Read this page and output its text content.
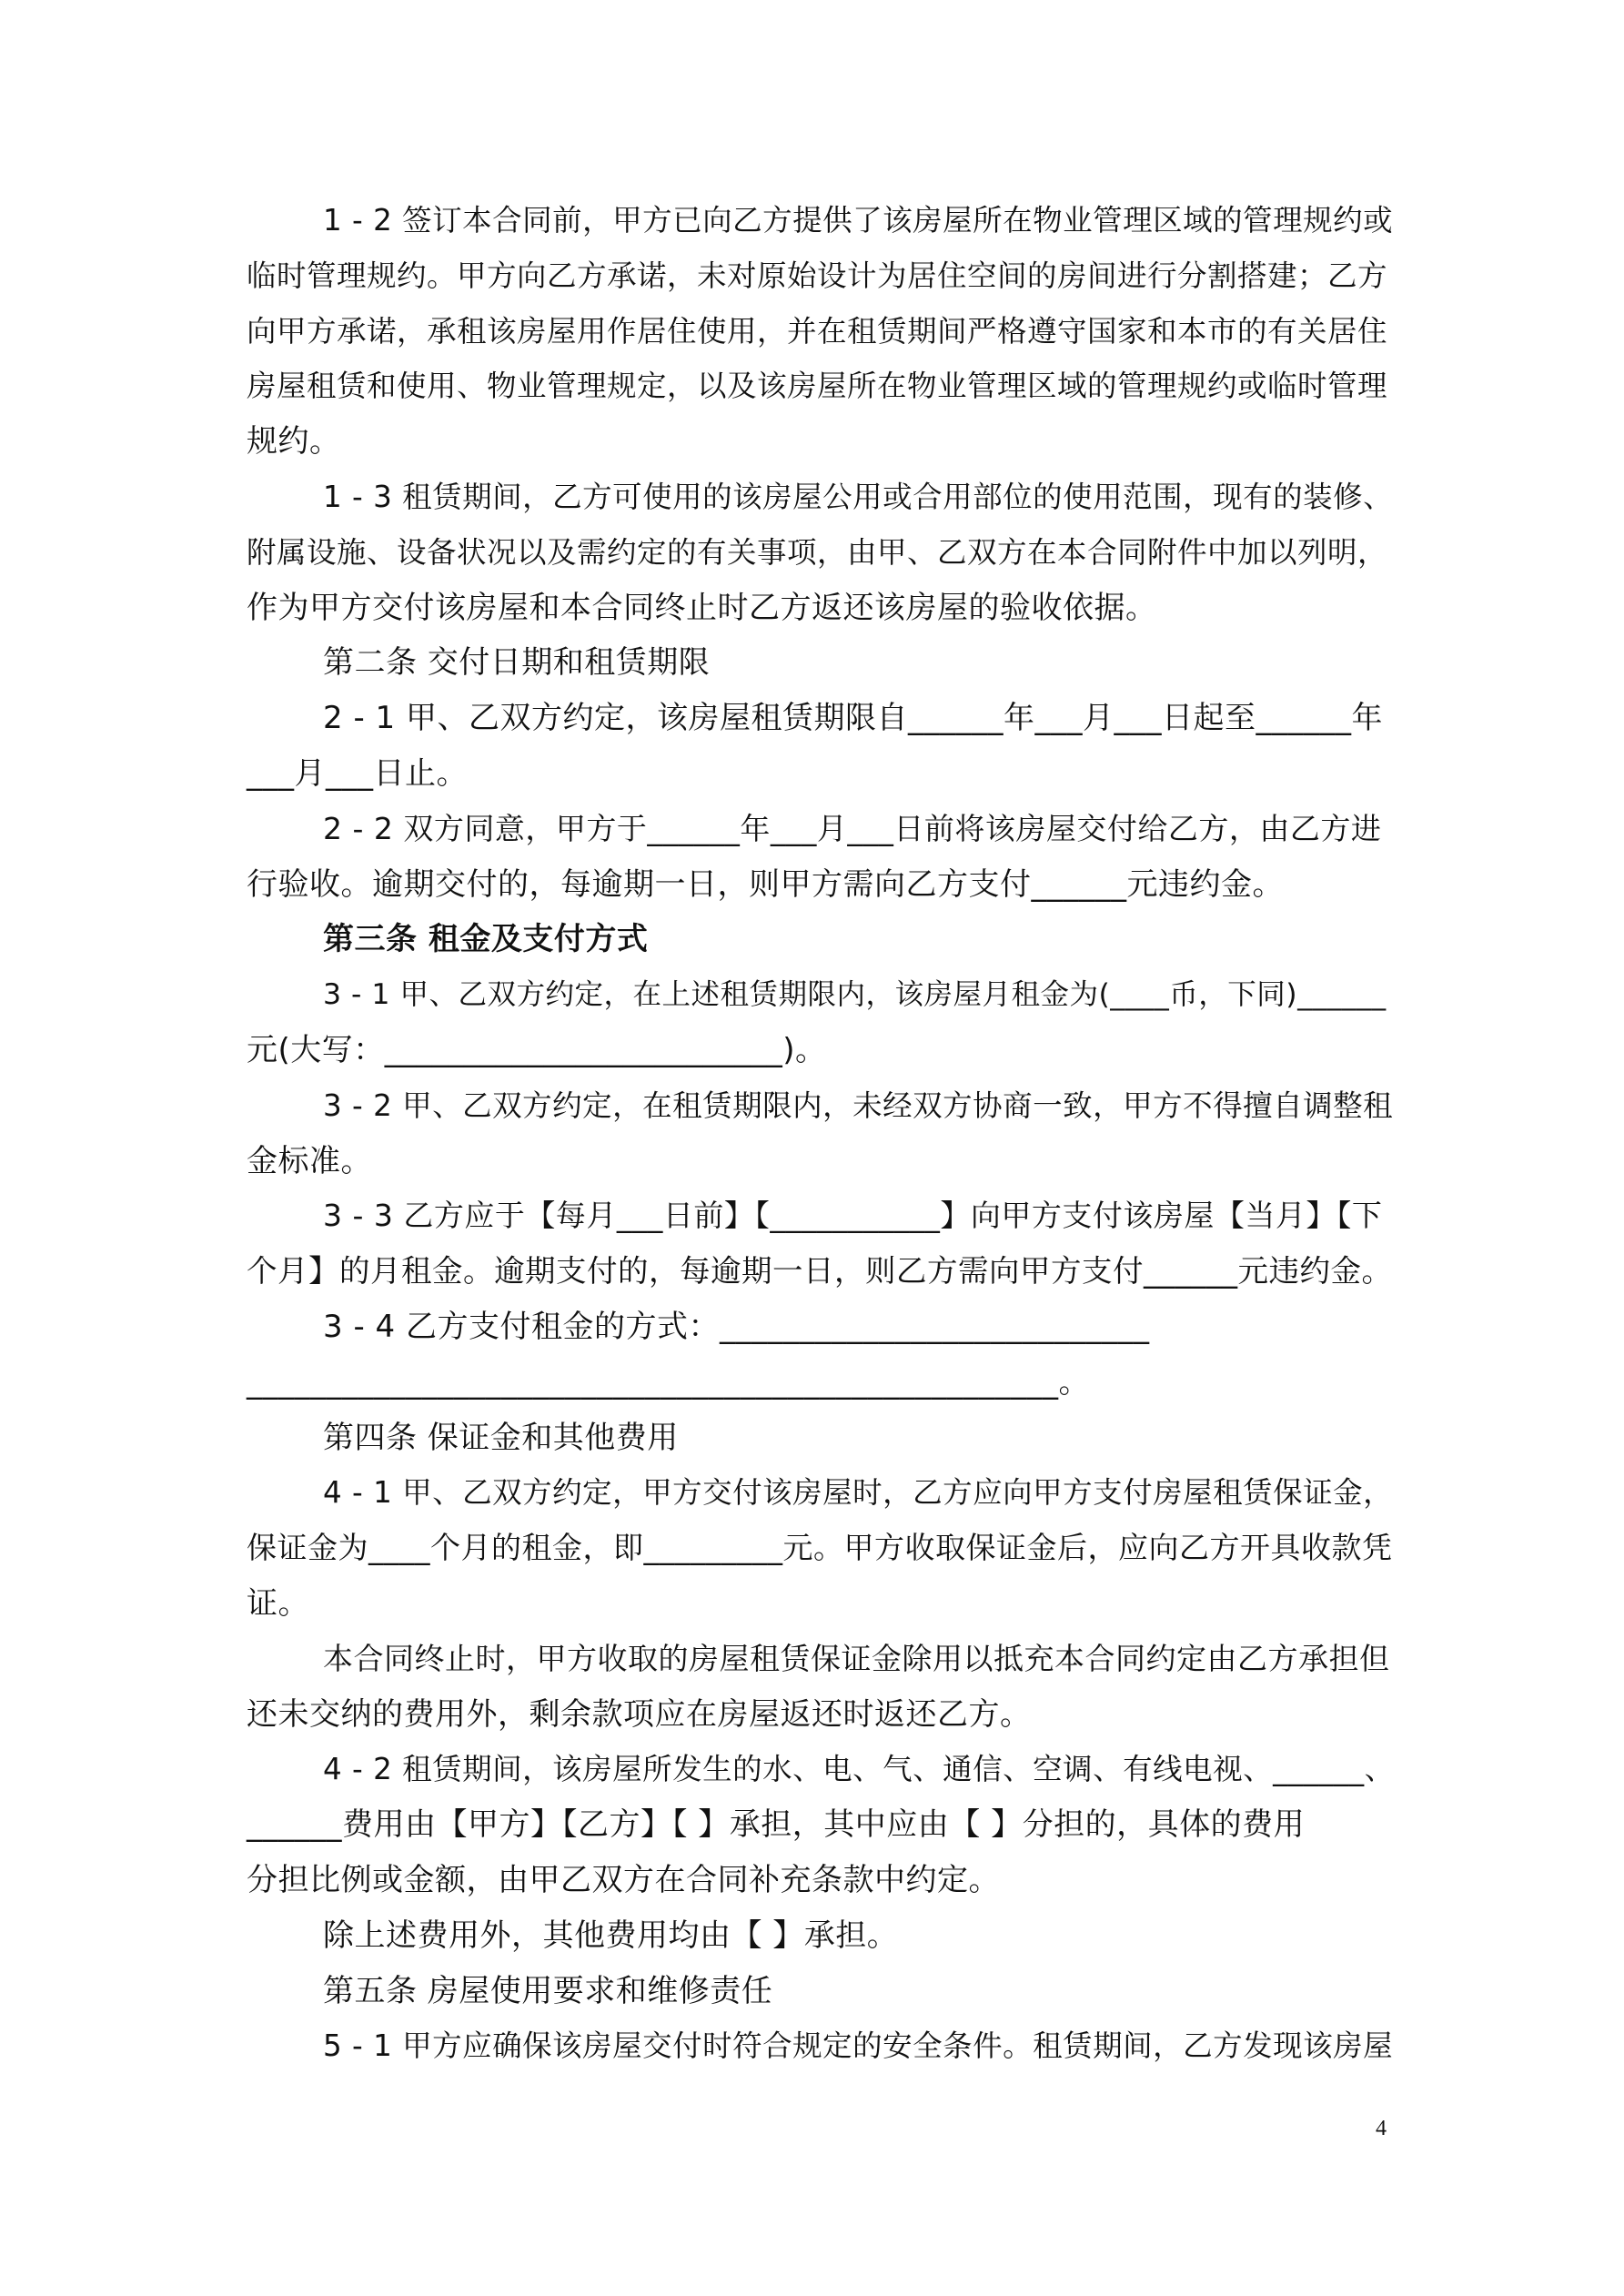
1 - 2 签订本合同前，甲方已向乙方提供了该房屋所在物业管理区域的管理规约或
临时管理规约。甲方向乙方承诺，未对原始设计为居住空间的房间进行分割搭建；乙方
向甲方承诺，承租该房屋用作居住使用，并在租赁期间严格遵守国家和本市的有关居住
房屋租赁和使用、物业管理规定，以及该房屋所在物业管理区域的管理规约或临时管理
规约。
1 - 3 租赁期间，乙方可使用的该房屋公用或合用部位的使用范围，现有的装修、
附属设施、设备状况以及需约定的有关事项，由甲、乙双方在本合同附件中加以列明，
作为甲方交付该房屋和本合同终止时乙方返还该房屋的验收依据。
第二条 交付日期和租赁期限
2 - 1 甲、乙双方约定，该房屋租赁期限自______年___月___日起至______年
___月___日止。
2 - 2 双方同意，甲方于______年___月___日前将该房屋交付给乙方，由乙方进
行验收。逾期交付的，每逾期一日，则甲方需向乙方支付______元违约金。
第三条 租金及支付方式
3 - 1 甲、乙双方约定，在上述租赁期限内，该房屋月租金为(____币，下同)______
元(大写：_________________________)。
3 - 2 甲、乙双方约定，在租赁期限内，未经双方协商一致，甲方不得擅自调整租
金标准。
3 - 3 乙方应于【每月___日前】【___________】向甲方支付该房屋【当月】【下
个月】的月租金。逾期支付的，每逾期一日，则乙方需向甲方支付______元违约金。
3 - 4 乙方支付租金的方式：___________________________
___________________________________________________。
第四条 保证金和其他费用
4 - 1 甲、乙双方约定，甲方交付该房屋时，乙方应向甲方支付房屋租赁保证金，
保证金为____个月的租金，即_________元。甲方收取保证金后，应向乙方开具收款凭
证。
本合同终止时，甲方收取的房屋租赁保证金除用以抵充本合同约定由乙方承担但
还未交纳的费用外，剩余款项应在房屋返还时返还乙方。
4 - 2 租赁期间，该房屋所发生的水、电、气、通信、空调、有线电视、______、
______费用由【甲方】【乙方】【 】承担，其中应由【 】分担的，具体的费用
分担比例或金额，由甲乙双方在合同补充条款中约定。
除上述费用外，其他费用均由【 】承担。
第五条 房屋使用要求和维修责任
5 - 1 甲方应确保该房屋交付时符合规定的安全条件。租赁期间，乙方发现该房屋
4
